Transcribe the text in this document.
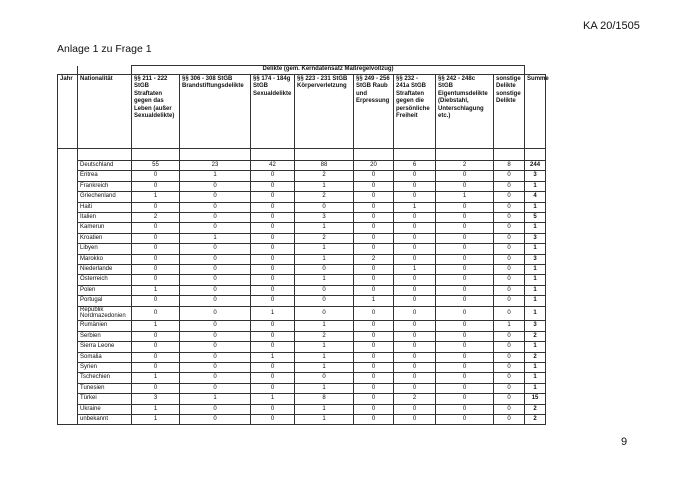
KA 20/1505
Anlage 1 zu Frage 1
		Delikte (gem. Kerndatensatz Maßregelvollzug)								
Jahr	Nationalität	§§ 211 - 222 StGB Straftaten gegen das Leben (außer Sexualdelikte)	§§ 306 - 308 StGB Brandstiftungsdelikte	§§ 174 - 184g StGB Sexualdelikte	§§ 223 - 231 StGB Körperverletzung	§§ 249 - 256 StGB Raub und Erpressung	§§ 232 - 241a StGB Straftaten gegen die persönliche Freiheit	§§ 242 - 248c StGB Eigentumsdelikte (Diebstahl, Unterschlagung etc.)	sonstige Delikte sonstige Delikte	Summe

	Deutschland	55	23	42	88	20	6	2	8	244
	Eritrea	0	1	0	2	0	0	0	0	3
	Frankreich	0	0	0	1	0	0	0	0	1
	Griechenland	1	0	0	2	0	0	1	0	4
	Haiti	0	0	0	0	0	1	0	0	1
	Italien	2	0	0	3	0	0	0	0	5
	Kamerun	0	0	0	1	0	0	0	0	1
	Kroatien	0	1	0	2	0	0	0	0	3
	Libyen	0	0	0	1	0	0	0	0	1
	Marokko	0	0	0	1	2	0	0	0	3
	Niederlande	0	0	0	0	0	1	0	0	1
	Österreich	0	0	0	1	0	0	0	0	1
	Polen	1	0	0	0	0	0	0	0	1
	Portugal	0	0	0	0	1	0	0	0	1
	Republik Nordmazedonien	0	0	1	0	0	0	0	0	1
	Rumänien	1	0	0	1	0	0	0	1	3
	Serbien	0	0	0	2	0	0	0	0	2
	Sierra Leone	0	0	0	1	0	0	0	0	1
	Somalia	0	0	1	1	0	0	0	0	2
	Syrien	0	0	0	1	0	0	0	0	1
	Tschechien	1	0	0	0	0	0	0	0	1
	Tunesien	0	0	0	1	0	0	0	0	1
	Türkei	3	1	1	8	0	2	0	0	15
	Ukraine	1	0	0	1	0	0	0	0	2
	unbekannt	1	0	0	1	0	0	0	0	2
9
